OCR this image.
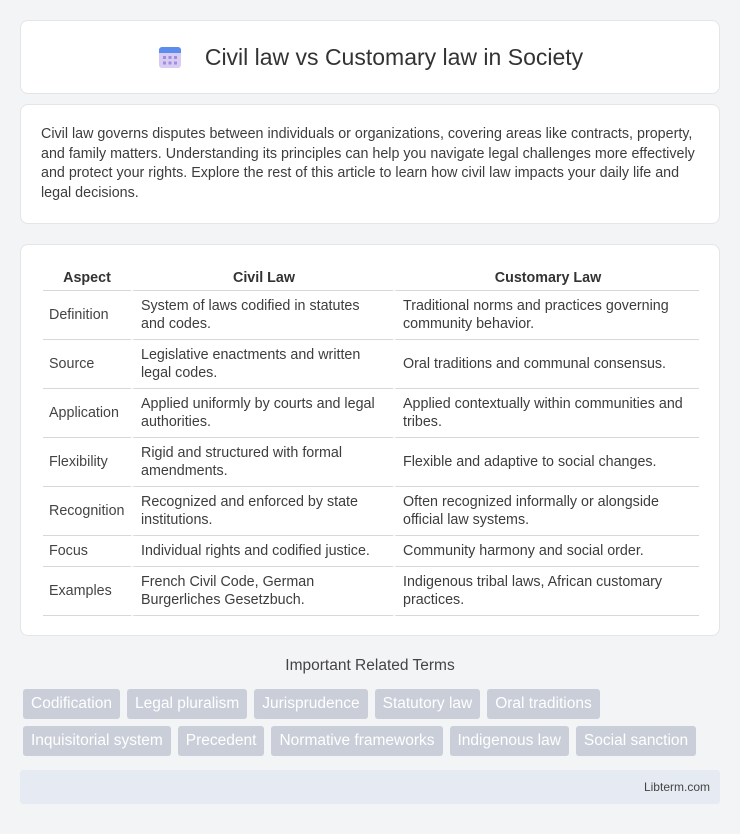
Civil law vs Customary law in Society

Civil law governs disputes between individuals or organizations, covering areas like contracts, property, and family matters. Understanding its principles can help you navigate legal challenges more effectively and protect your rights. Explore the rest of this article to learn how civil law impacts your daily life and legal decisions.

Aspect	Civil Law	Customary Law
Definition	System of laws codified in statutes and codes.	Traditional norms and practices governing community behavior.
Source	Legislative enactments and written legal codes.	Oral traditions and communal consensus.
Application	Applied uniformly by courts and legal authorities.	Applied contextually within communities and tribes.
Flexibility	Rigid and structured with formal amendments.	Flexible and adaptive to social changes.
Recognition	Recognized and enforced by state institutions.	Often recognized informally or alongside official law systems.
Focus	Individual rights and codified justice.	Community harmony and social order.
Examples	French Civil Code, German Burgerliches Gesetzbuch.	Indigenous tribal laws, African customary practices.
Important Related Terms
Codification	Legal pluralism	Jurisprudence	Statutory law	Oral traditions
Inquisitorial system	Precedent	Normative frameworks	Indigenous law	Social sanction
Libterm.com
